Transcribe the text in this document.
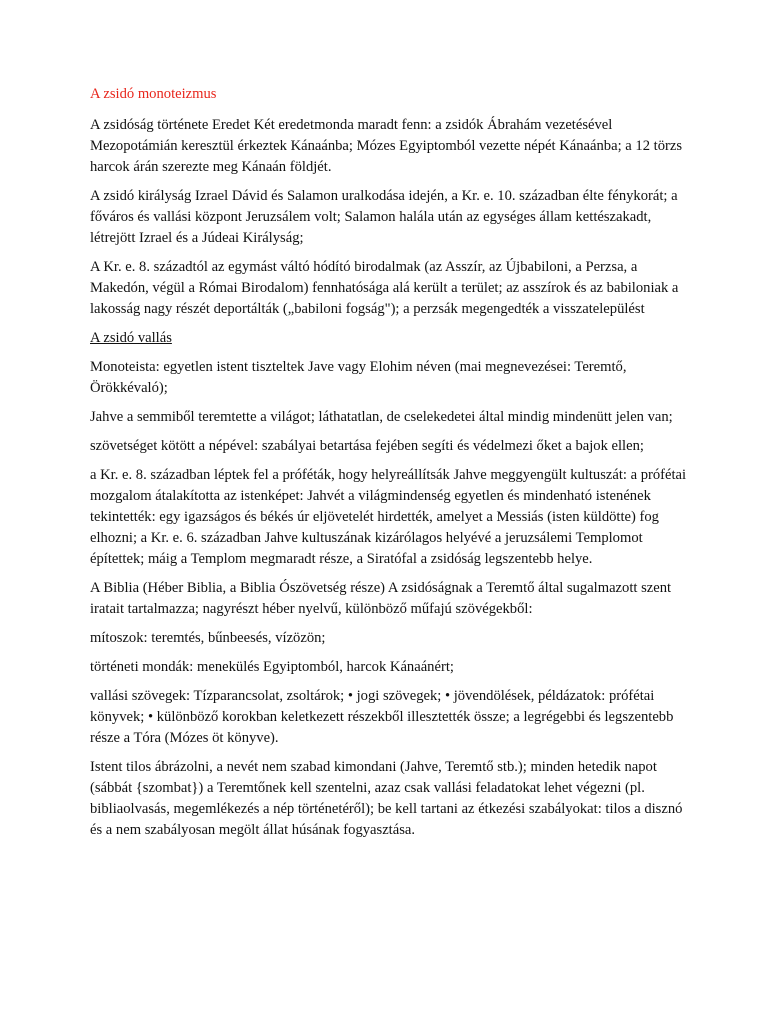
A zsidó monoteizmus

A zsidóság története Eredet Két eredetmonda maradt fenn: a zsidók Ábrahám vezetésével Mezopotámián keresztül érkeztek Kánaánba; Mózes Egyiptomból vezette népét Kánaánba; a 12 törzs harcok árán szerezte meg Kánaán földjét.

A zsidó királyság Izrael Dávid és Salamon uralkodása idején, a Kr. e. 10. században élte fénykorát; a főváros és vallási központ Jeruzsálem volt; Salamon halála után az egységes állam kettészakadt, létrejött Izrael és a Júdeai Királyság;

A Kr. e. 8. századtól az egymást váltó hódító birodalmak (az Asszír, az Újbabiloni, a Perzsa, a Makedón, végül a Római Birodalom) fennhatósága alá került a terület; az asszírok és az babiloniak a lakosság nagy részét deportálták („babiloni fogság"); a perzsák megengedték a visszatelepülést

A zsidó vallás

Monoteista: egyetlen istent tiszteltek Jave vagy Elohim néven (mai megnevezései: Teremtő, Örökkévaló);

Jahve a semmiből teremtette a világot; láthatatlan, de cselekedetei által mindig mindenütt jelen van;

szövetséget kötött a népével: szabályai betartása fejében segíti és védelmezi őket a bajok ellen;

a Kr. e. 8. században léptek fel a próféták, hogy helyreállítsák Jahve meggyengült kultuszát: a prófétai mozgalom átalakította az istenképet: Jahvét a világmindenség egyetlen és mindenható istenének tekintették: egy igazságos és békés úr eljövetelét hirdették, amelyet a Messiás (isten küldötte) fog elhozni; a Kr. e. 6. században Jahve kultuszának kizárólagos helyévé a jeruzsálemi Templomot építettek; máig a Templom megmaradt része, a Siratófal a zsidóság legszentebb helye.

A Biblia (Héber Biblia, a Biblia Ószövetség része) A zsidóságnak a Teremtő által sugalmazott szent iratait tartalmazza; nagyrészt héber nyelvű, különböző műfajú szövégekből:

mítoszok: teremtés, bűnbeesés, vízözön;

történeti mondák: menekülés Egyiptomból, harcok Kánaánért;

vallási szövegek: Tízparancsolat, zsoltárok; • jogi szövegek; • jövendölések, példázatok: prófétai könyvek; • különböző korokban keletkezett részekből illesztették össze; a legrégebbi és legszentebb része a Tóra (Mózes öt könyve).

Istent tilos ábrázolni, a nevét nem szabad kimondani (Jahve, Teremtő stb.); minden hetedik napot (sábbát {szombat}) a Teremtőnek kell szentelni, azaz csak vallási feladatokat lehet végezni (pl. bibliaolvasás, megemlékezés a nép történetéről); be kell tartani az étkezési szabályokat: tilos a disznó és a nem szabályosan megölt állat húsának fogyasztása.
